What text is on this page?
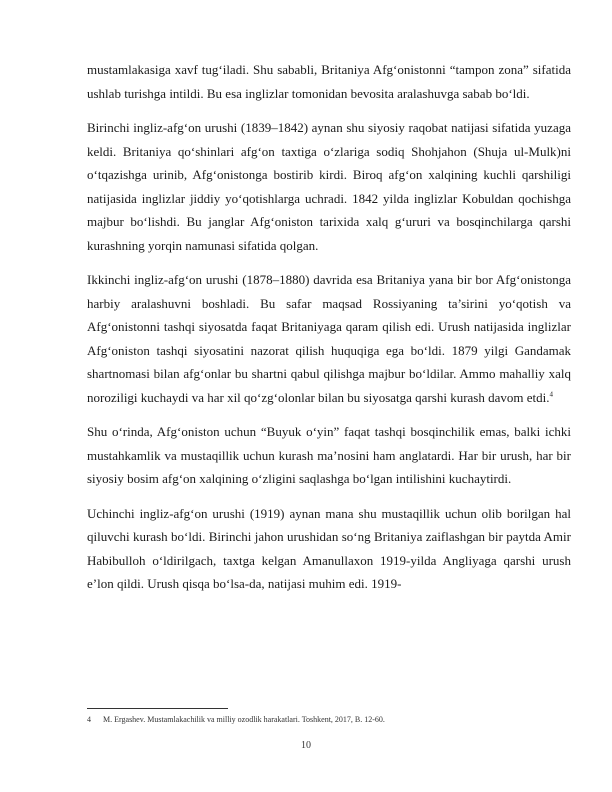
mustamlakasiga xavf tug‘iladi. Shu sababli, Britaniya Afg‘onistonni “tampon zona” sifatida ushlab turishga intildi. Bu esa inglizlar tomonidan bevosita aralashuvga sabab bo‘ldi.

Birinchi ingliz-afg‘on urushi (1839–1842) aynan shu siyosiy raqobat natijasi sifatida yuzaga keldi. Britaniya qo‘shinlari afg‘on taxtiga o‘zlariga sodiq Shohjahon (Shuja ul-Mulk)ni o‘tqazishga urinib, Afg‘onistonga bostirib kirdi. Biroq afg‘on xalqining kuchli qarshiligi natijasida inglizlar jiddiy yo‘qotishlarga uchradi. 1842 yilda inglizlar Kobuldan qochishga majbur bo‘lishdi. Bu janglar Afg‘oniston tarixida xalq g‘ururi va bosqinchilarga qarshi kurashning yorqin namunasi sifatida qolgan.

Ikkinchi ingliz-afg‘on urushi (1878–1880) davrida esa Britaniya yana bir bor Afg‘onistonga harbiy aralashuvni boshladi. Bu safar maqsad Rossiyaning ta’sirini yo‘qotish va Afg‘onistonni tashqi siyosatda faqat Britaniyaga qaram qilish edi. Urush natijasida inglizlar Afg‘oniston tashqi siyosatini nazorat qilish huquqiga ega bo‘ldi. 1879 yilgi Gandamak shartnomasi bilan afg‘onlar bu shartni qabul qilishga majbur bo‘ldilar. Ammo mahalliy xalq noroziligi kuchaydi va har xil qo‘zg‘olonlar bilan bu siyosatga qarshi kurash davom etdi.$^4$

Shu o‘rinda, Afg‘oniston uchun “Buyuk o‘yin” faqat tashqi bosqinchilik emas, balki ichki mustahkamlik va mustaqillik uchun kurash ma’nosini ham anglatardi. Har bir urush, har bir siyosiy bosim afg‘on xalqining o‘zligini saqlashga bo‘lgan intilishini kuchaytirdi.

Uchinchi ingliz-afg‘on urushi (1919) aynan mana shu mustaqillik uchun olib borilgan hal qiluvchi kurash bo‘ldi. Birinchi jahon urushidan so‘ng Britaniya zaiflashgan bir paytda Amir Habibulloh o‘ldirilgach, taxtga kelgan Amanullaxon 1919-yilda Angliyaga qarshi urush e’lon qildi. Urush qisqa bo‘lsa-da, natijasi muhim edi. 1919-

4 M. Ergashev. Mustamlakachilik va milliy ozodlik harakatlari. Toshkent, 2017, B. 12-60.
10
